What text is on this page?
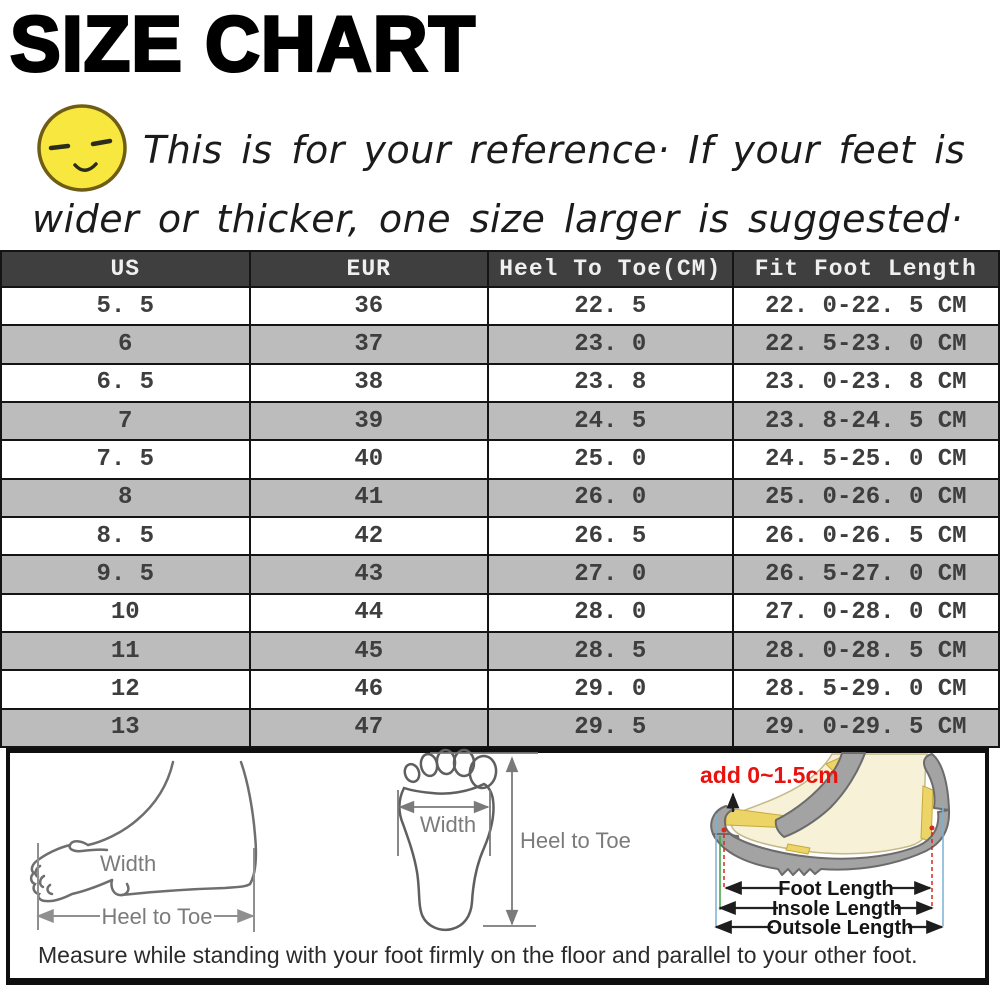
SIZE CHART
This is for your reference· If your feet is
wider or thicker, one size larger is suggested·
US	EUR	Heel To Toe(CM)	Fit Foot Length
5. 5	36	22. 5	22. 0-22. 5 CM
6	37	23. 0	22. 5-23. 0 CM
6. 5	38	23. 8	23. 0-23. 8 CM
7	39	24. 5	23. 8-24. 5 CM
7. 5	40	25. 0	24. 5-25. 0 CM
8	41	26. 0	25. 0-26. 0 CM
8. 5	42	26. 5	26. 0-26. 5 CM
9. 5	43	27. 0	26. 5-27. 0 CM
10	44	28. 0	27. 0-28. 0 CM
11	45	28. 5	28. 0-28. 5 CM
12	46	29. 0	28. 5-29. 0 CM
13	47	29. 5	29. 0-29. 5 CM
Width
Heel to Toe
Width
Heel to Toe
add 0~1.5cm
Foot Length
Insole Length
Outsole Length
Measure while standing with your foot firmly on the floor and parallel to your other foot.
